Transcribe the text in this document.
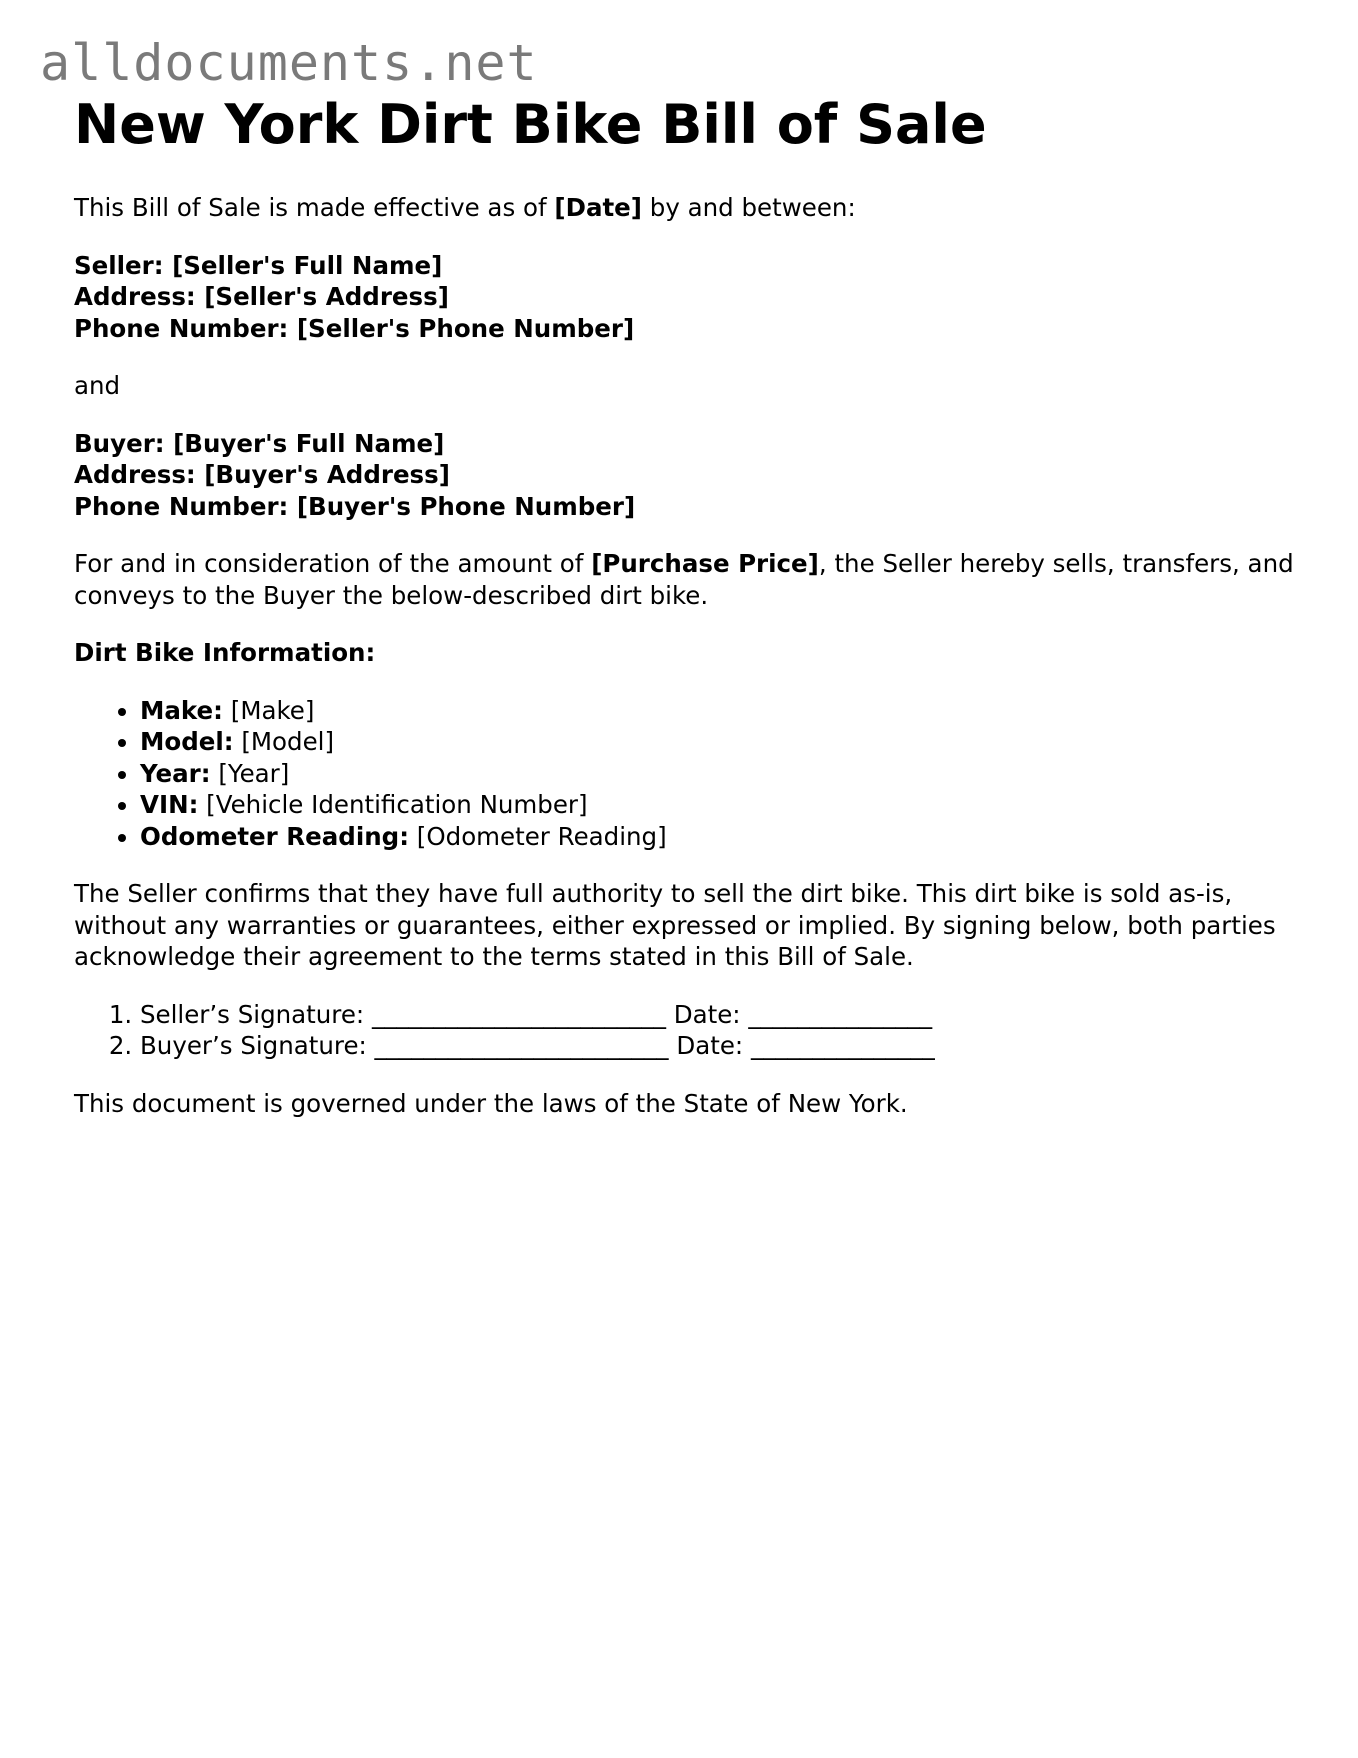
alldocuments.net
New York Dirt Bike Bill of Sale

This Bill of Sale is made effective as of [Date] by and between:

Seller: [Seller's Full Name]
Address: [Seller's Address]
Phone Number: [Seller's Phone Number]

and

Buyer: [Buyer's Full Name]
Address: [Buyer's Address]
Phone Number: [Buyer's Phone Number]

For and in consideration of the amount of [Purchase Price], the Seller hereby sells, transfers, and conveys to the Buyer the below-described dirt bike.

Dirt Bike Information:

• Make: [Make]
• Model: [Model]
• Year: [Year]
• VIN: [Vehicle Identification Number]
• Odometer Reading: [Odometer Reading]

The Seller confirms that they have full authority to sell the dirt bike. This dirt bike is sold as-is, without any warranties or guarantees, either expressed or implied. By signing below, both parties acknowledge their agreement to the terms stated in this Bill of Sale.

1. Seller’s Signature: ________________________ Date: _______________
2. Buyer’s Signature: ________________________ Date: _______________

This document is governed under the laws of the State of New York.
